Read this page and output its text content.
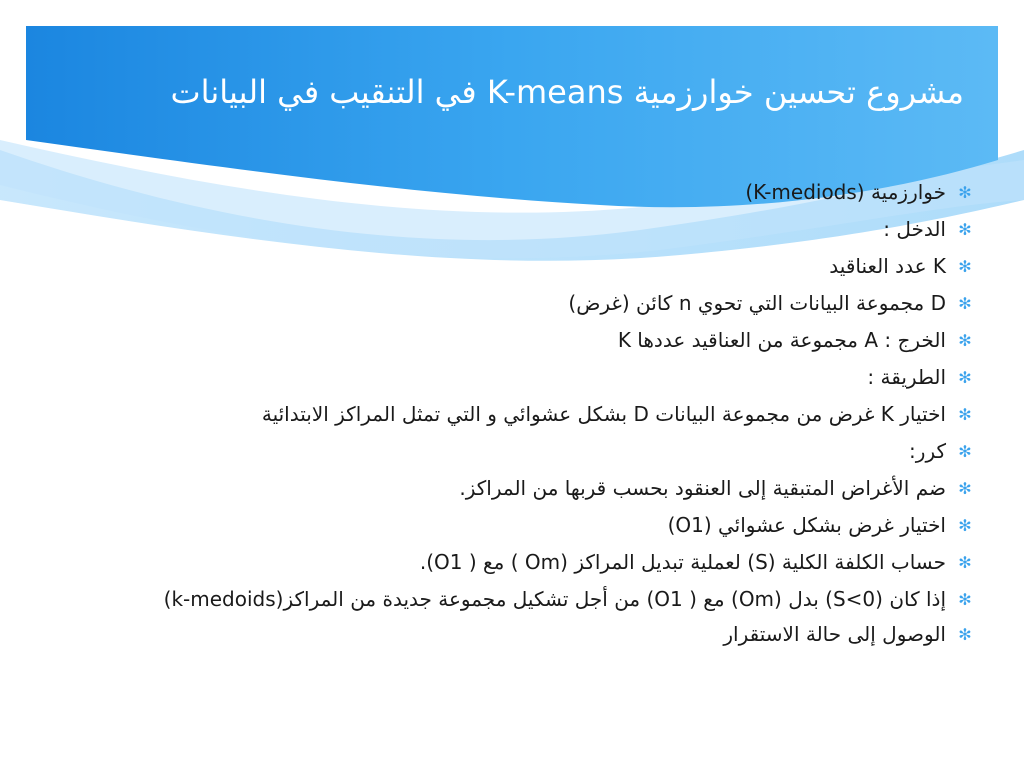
مشروع تحسين خوارزمية K-means في التنقيب في البيانات
✻
خوارزمية (K-mediods)
✻
الدخل :
✻
K عدد العناقيد
✻
D مجموعة البيانات التي تحوي n كائن (غرض)
✻
الخرج : A مجموعة من العناقيد عددها K
✻
الطريقة :
✻
اختيار K غرض من مجموعة البيانات D بشكل عشوائي و التي تمثل المراكز الابتدائية
✻
كرر:
✻
ضم الأغراض المتبقية إلى العنقود بحسب قربها من المراكز.
✻
اختيار غرض بشكل عشوائي (O1)
✻
حساب الكلفة الكلية (S) لعملية تبديل المراكز (Om ) مع ( O1).
✻
إذا كان (S<0) بدل (Om) مع ( O1) من أجل تشكيل مجموعة جديدة من المراكز(k-medoids)
✻
الوصول إلى حالة الاستقرار
